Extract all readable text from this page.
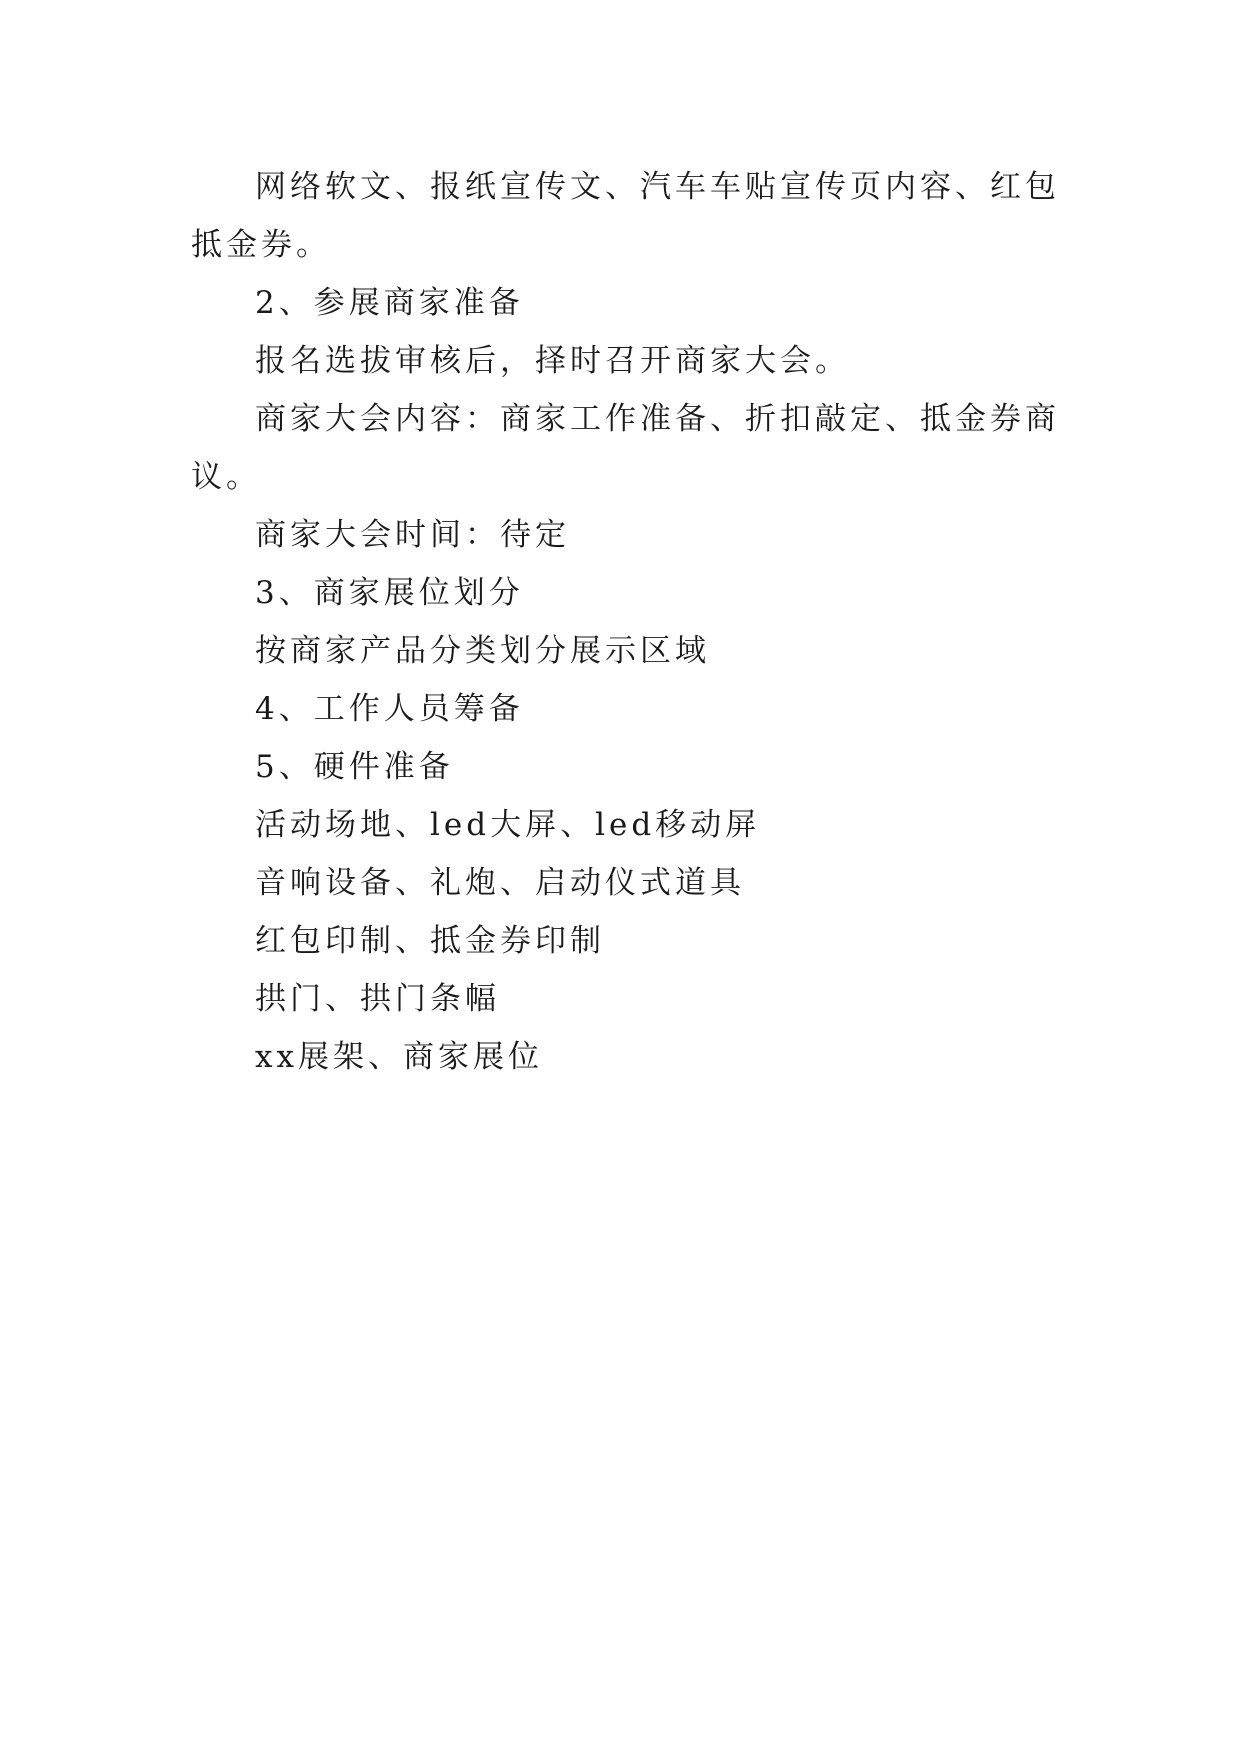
网络软文、报纸宣传文、汽车车贴宣传页内容、红包抵金券。

2、参展商家准备

报名选拔审核后，择时召开商家大会。

商家大会内容：商家工作准备、折扣敲定、抵金券商议。

商家大会时间：待定

3、商家展位划分

按商家产品分类划分展示区域

4、工作人员筹备

5、硬件准备

活动场地、led大屏、led移动屏

音响设备、礼炮、启动仪式道具

红包印制、抵金券印制

拱门、拱门条幅

xx展架、商家展位
